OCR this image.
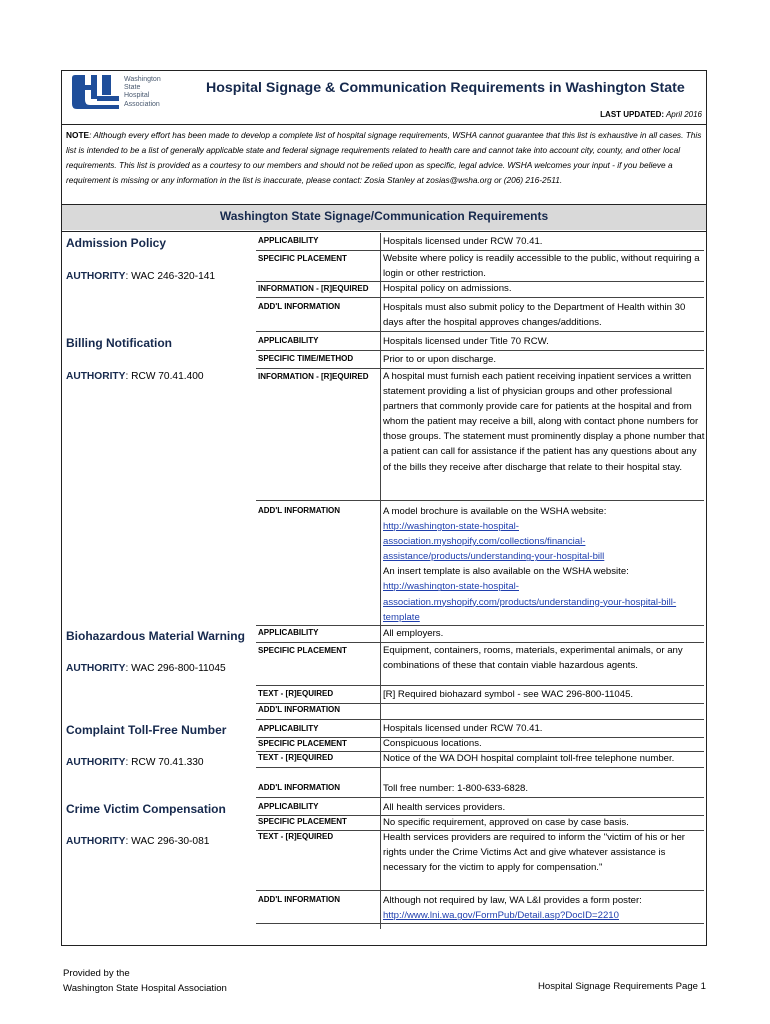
Washington
State
Hospital
Association
Hospital Signage & Communication Requirements in Washington State
LAST UPDATED: April 2016
NOTE: Although every effort has been made to develop a complete list of hospital signage requirements, WSHA cannot guarantee that this list is exhaustive in all cases. This list is intended to be a list of generally applicable state and federal signage requirements related to health care and cannot take into account city, county, and other local requirements. This list is provided as a courtesy to our members and should not be relied upon as specific, legal advice. WSHA welcomes your input - if you believe a requirement is missing or any information in the list is inaccurate, please contact: Zosia Stanley at zosias@wsha.org or (206) 216-2511.
Washington State Signage/Communication Requirements
Admission Policy
AUTHORITY: WAC 246-320-141
APPLICABILITY	Hospitals licensed under RCW 70.41.
SPECIFIC PLACEMENT	Website where policy is readily accessible to the public, without requiring a login or other restriction.
INFORMATION - [R]EQUIRED Hospital policy on admissions.
ADD'L INFORMATION	Hospitals must also submit policy to the Department of Health within 30 days after the hospital approves changes/additions.
Billing Notification
AUTHORITY: RCW 70.41.400
APPLICABILITY	Hospitals licensed under Title 70 RCW.
SPECIFIC TIME/METHOD	Prior to or upon discharge.
INFORMATION - [R]EQUIRED A hospital must furnish each patient receiving inpatient services a written statement providing a list of physician groups and other professional partners that commonly provide care for patients at the hospital and from whom the patient may receive a bill, along with contact phone numbers for those groups. The statement must prominently display a phone number that a patient can call for assistance if the patient has any questions about any of the bills they receive after discharge that relate to their hospital stay.
ADD'L INFORMATION	A model brochure is available on the WSHA website:
http://washington-state-hospital-association.myshopify.com/collections/financial-assistance/products/understanding-your-hospital-bill
An insert template is also available on the WSHA website:
http://washington-state-hospital-association.myshopify.com/products/understanding-your-hospital-bill-template
Biohazardous Material Warning
AUTHORITY: WAC 296-800-11045
APPLICABILITY	All employers.
SPECIFIC PLACEMENT	Equipment, containers, rooms, materials, experimental animals, or any combinations of these that contain viable hazardous agents.
TEXT - [R]EQUIRED	[R] Required biohazard symbol - see WAC 296-800-11045.
ADD'L INFORMATION
Complaint Toll-Free Number
AUTHORITY: RCW 70.41.330
APPLICABILITY	Hospitals licensed under RCW 70.41.
SPECIFIC PLACEMENT	Conspicuous locations.
TEXT - [R]EQUIRED	Notice of the WA DOH hospital complaint toll-free telephone number.
ADD'L INFORMATION	Toll free number: 1-800-633-6828.
Crime Victim Compensation
AUTHORITY: WAC 296-30-081
APPLICABILITY	All health services providers.
SPECIFIC PLACEMENT	No specific requirement, approved on case by case basis.
TEXT - [R]EQUIRED	Health services providers are required to inform the "victim of his or her rights under the Crime Victims Act and give whatever assistance is necessary for the victim to apply for compensation."
ADD'L INFORMATION	Although not required by law, WA L&I provides a form poster:
http://www.lni.wa.gov/FormPub/Detail.asp?DocID=2210
Provided by the
Washington State Hospital Association	Hospital Signage Requirements Page 1
